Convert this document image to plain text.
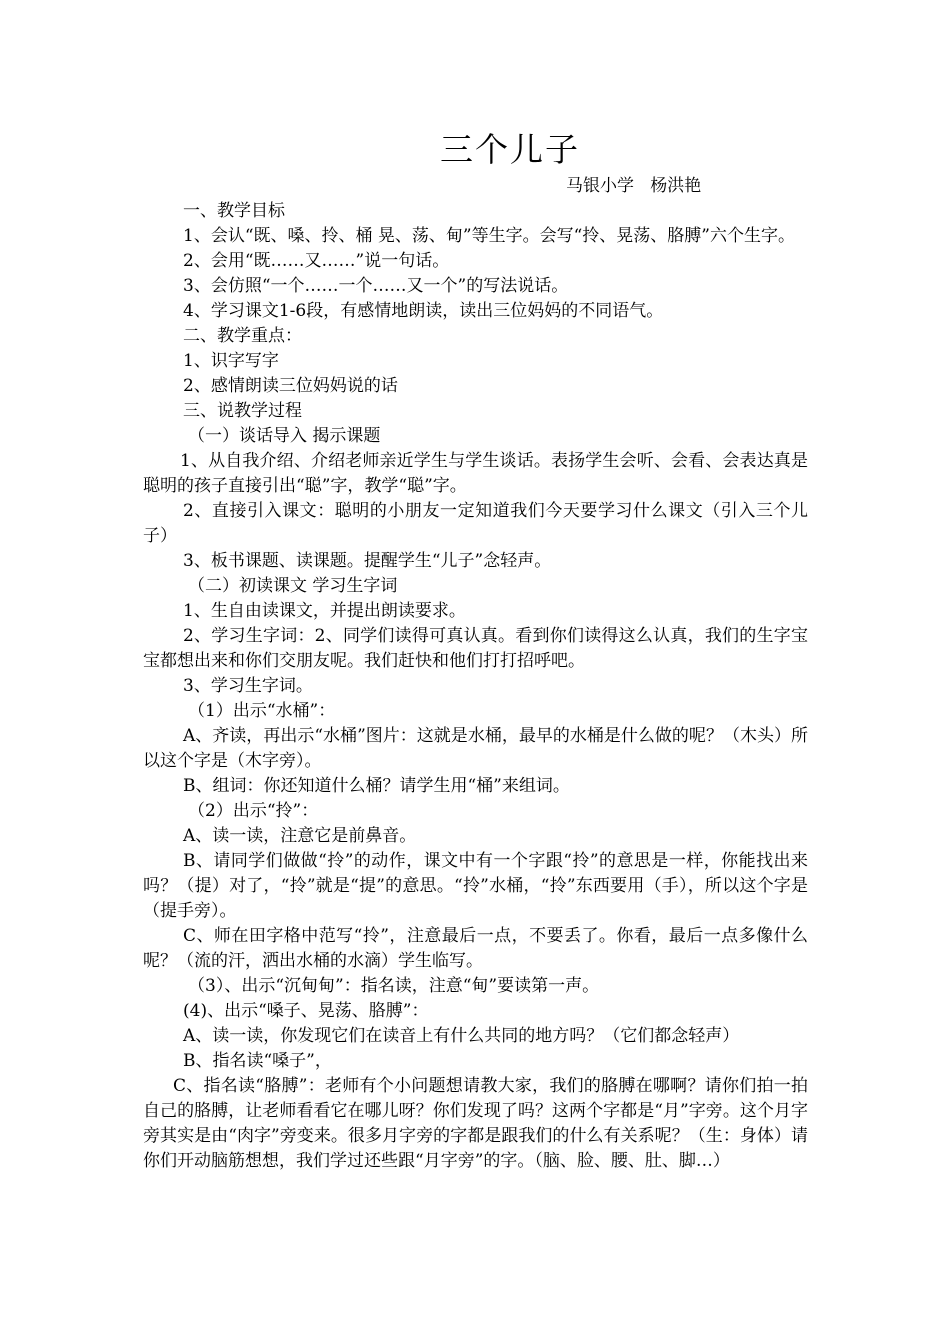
三个儿子
马银小学   杨洪艳

一、教学目标

1、会认“既、嗓、拎、桶 晃、荡、甸”等生字。会写“拎、晃荡、胳膊”六个生字。

2、会用“既……又……”说一句话。

3、会仿照“一个……一个……又一个”的写法说话。

4、学习课文1-6段，有感情地朗读，读出三位妈妈的不同语气。

二、教学重点：

1、识字写字

2、感情朗读三位妈妈说的话

三、说教学过程

（一）谈话导入 揭示课题

1、从自我介绍、介绍老师亲近学生与学生谈话。表扬学生会听、会看、会表达真是聪明的孩子直接引出“聪”字，教学“聪”字。

2、直接引入课文：聪明的小朋友一定知道我们今天要学习什么课文（引入三个儿子）

3、板书课题、读课题。提醒学生“儿子”念轻声。

（二）初读课文 学习生字词

1、生自由读课文，并提出朗读要求。

2、学习生字词：2、同学们读得可真认真。看到你们读得这么认真，我们的生字宝宝都想出来和你们交朋友呢。我们赶快和他们打打招呼吧。

3、学习生字词。

（1）出示“水桶”：

A、齐读，再出示“水桶”图片：这就是水桶，最早的水桶是什么做的呢？（木头）所以这个字是（木字旁）。

B、组词：你还知道什么桶？请学生用“桶”来组词。

（2）出示“拎”：

A、读一读，注意它是前鼻音。

B、请同学们做做“拎”的动作，课文中有一个字跟“拎”的意思是一样，你能找出来吗？（提）对了，“拎”就是“提”的意思。“拎”水桶，“拎”东西要用（手），所以这个字是（提手旁）。

C、师在田字格中范写“拎”，注意最后一点，不要丢了。你看，最后一点多像什么呢？（流的汗，洒出水桶的水滴）学生临写。

（3）、出示“沉甸甸”：指名读，注意“甸”要读第一声。

(4)、出示“嗓子、晃荡、胳膊”：

A、读一读，你发现它们在读音上有什么共同的地方吗？（它们都念轻声）

B、指名读“嗓子”，

C、指名读“胳膊”：老师有个小问题想请教大家，我们的胳膊在哪啊？请你们拍一拍自己的胳膊，让老师看看它在哪儿呀？你们发现了吗？这两个字都是“月”字旁。这个月字旁其实是由“肉字”旁变来。很多月字旁的字都是跟我们的什么有关系呢？（生：身体）请你们开动脑筋想想，我们学过还些跟“月字旁”的字。（脑、脸、腰、肚、脚…）
